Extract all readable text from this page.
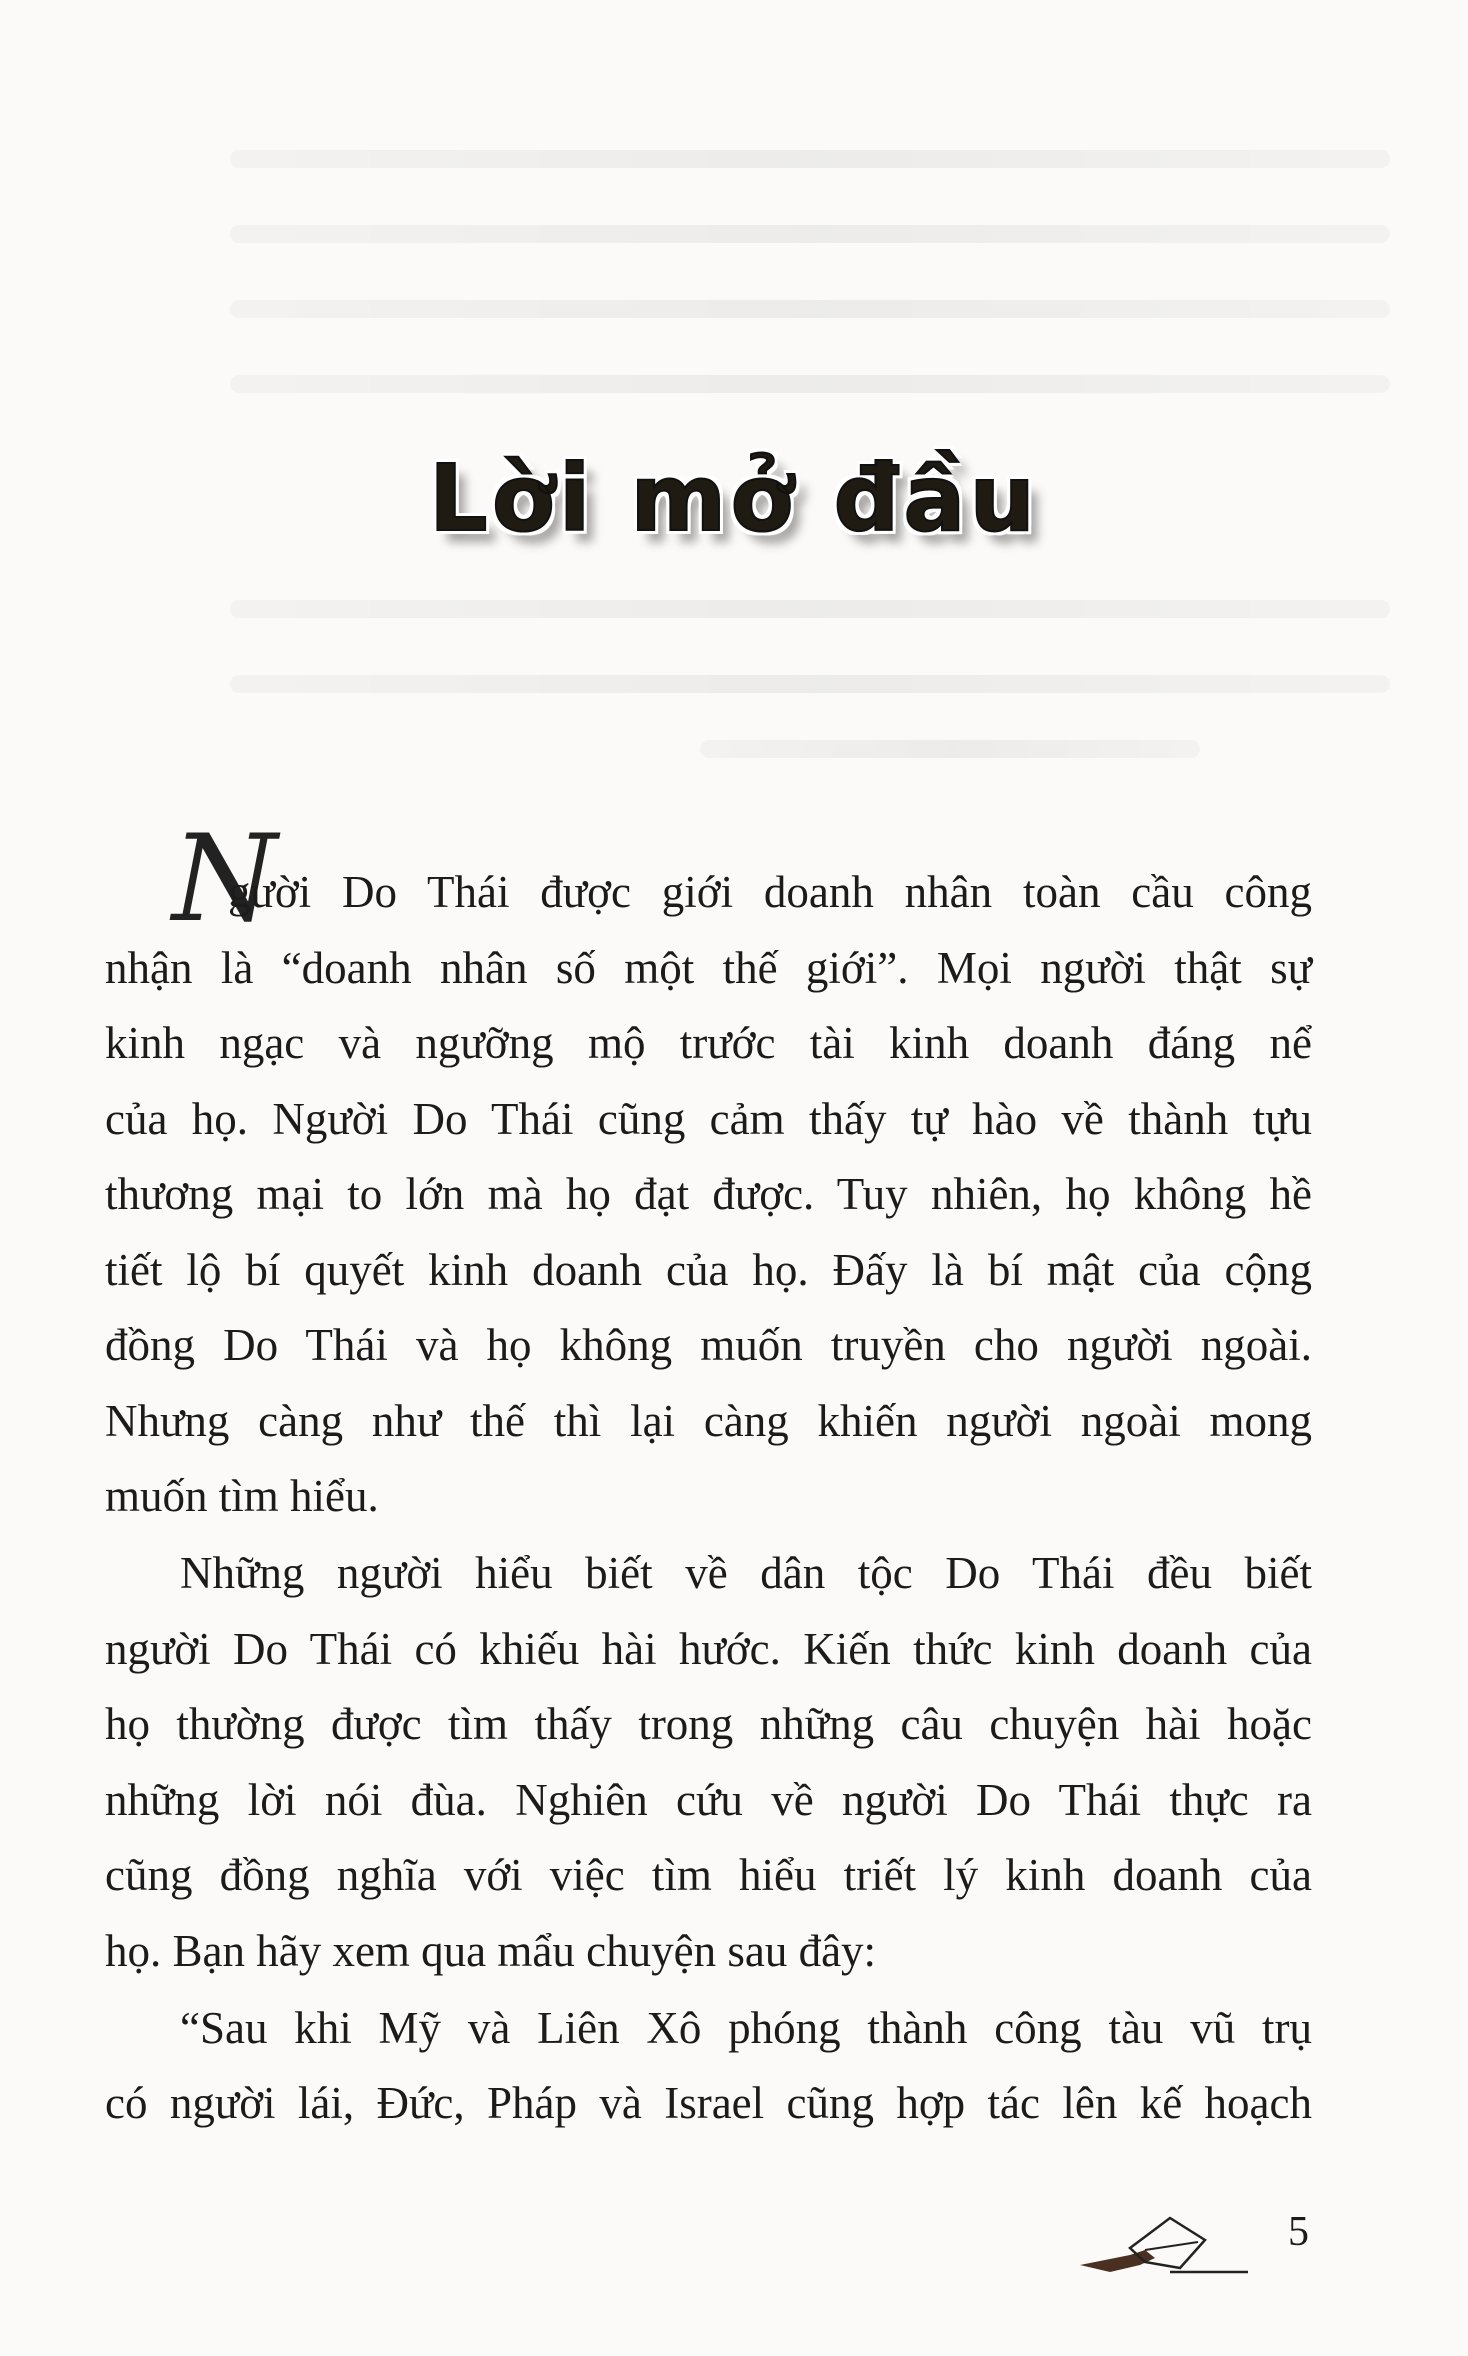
Lời mở đầu
N
gười Do Thái được giới doanh nhân toàn cầu công
nhận là “doanh nhân số một thế giới”. Mọi người thật sự
kinh ngạc và ngưỡng mộ trước tài kinh doanh đáng nể
của họ. Người Do Thái cũng cảm thấy tự hào về thành tựu
thương mại to lớn mà họ đạt được. Tuy nhiên, họ không hề
tiết lộ bí quyết kinh doanh của họ. Đấy là bí mật của cộng
đồng Do Thái và họ không muốn truyền cho người ngoài.
Nhưng càng như thế thì lại càng khiến người ngoài mong
muốn tìm hiểu.
Những người hiểu biết về dân tộc Do Thái đều biết
người Do Thái có khiếu hài hước. Kiến thức kinh doanh của
họ thường được tìm thấy trong những câu chuyện hài hoặc
những lời nói đùa. Nghiên cứu về người Do Thái thực ra
cũng đồng nghĩa với việc tìm hiểu triết lý kinh doanh của
họ. Bạn hãy xem qua mẩu chuyện sau đây:
“Sau khi Mỹ và Liên Xô phóng thành công tàu vũ trụ
có người lái, Đức, Pháp và Israel cũng hợp tác lên kế hoạch
5
